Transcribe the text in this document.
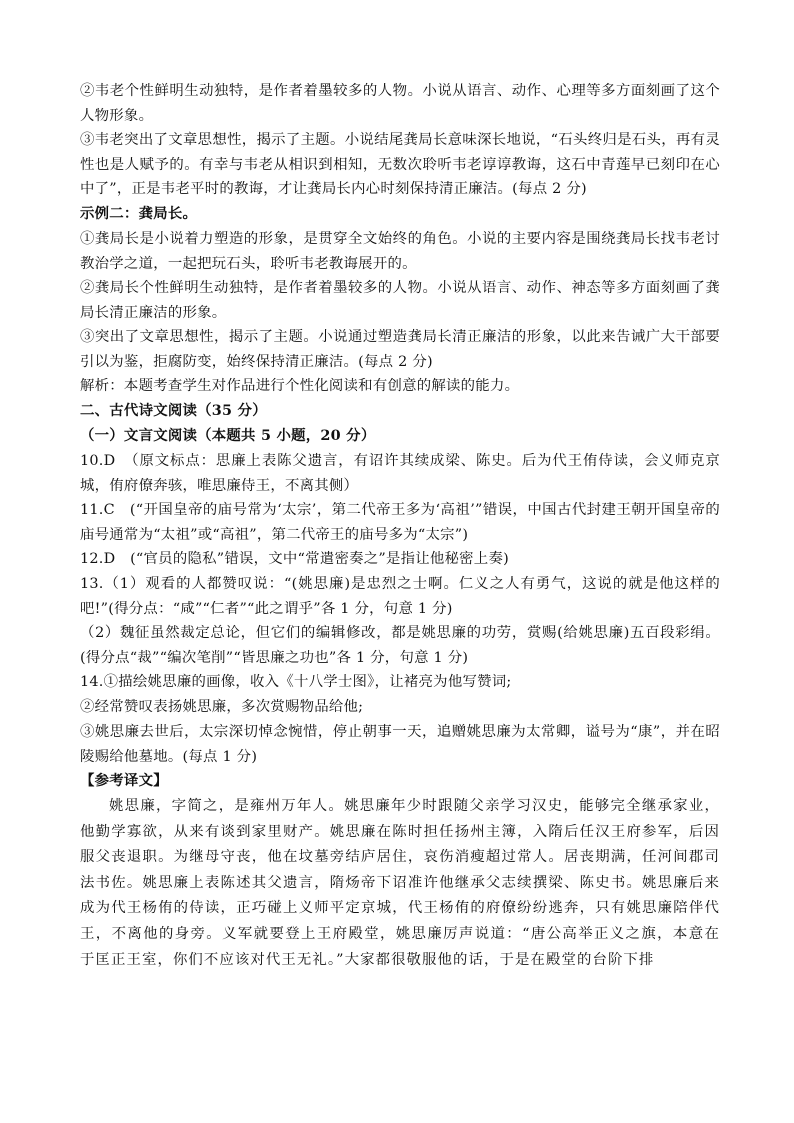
②韦老个性鲜明生动独特，是作者着墨较多的人物。小说从语言、动作、心理等多方面刻画了这个人物形象。

③韦老突出了文章思想性，揭示了主题。小说结尾龚局长意味深长地说，“石头终归是石头，再有灵性也是人赋予的。有幸与韦老从相识到相知，无数次聆听韦老谆谆教诲，这石中青莲早已刻印在心中了”，正是韦老平时的教诲，才让龚局长内心时刻保持清正廉洁。(每点 2 分)

示例二：龚局长。

①龚局长是小说着力塑造的形象，是贯穿全文始终的角色。小说的主要内容是围绕龚局长找韦老讨教治学之道，一起把玩石头，聆听韦老教诲展开的。

②龚局长个性鲜明生动独特，是作者着墨较多的人物。小说从语言、动作、神态等多方面刻画了龚局长清正廉洁的形象。

③突出了文章思想性，揭示了主题。小说通过塑造龚局长清正廉洁的形象，以此来告诫广大干部要引以为鉴，拒腐防变，始终保持清正廉洁。(每点 2 分)

解析：本题考查学生对作品进行个性化阅读和有创意的解读的能力。

二、古代诗文阅读（35 分）

（一）文言文阅读（本题共 5 小题，20 分）

10.D　（原文标点：思廉上表陈父遗言，有诏许其续成梁、陈史。后为代王侑侍读，会义师克京城，侑府僚奔骇，唯思廉侍王，不离其侧）

11.C　(“开国皇帝的庙号常为‘太宗’，第二代帝王多为‘高祖’”错误，中国古代封建王朝开国皇帝的庙号通常为“太祖”或“高祖”，第二代帝王的庙号多为“太宗”)

12.D　(“官员的隐私”错误，文中“常遣密奏之”是指让他秘密上奏)

13.（1）观看的人都赞叹说：“(姚思廉)是忠烈之士啊。仁义之人有勇气，这说的就是他这样的吧!”(得分点：“咸”“仁者”“此之谓乎”各 1 分，句意 1 分)

（2）魏征虽然裁定总论，但它们的编辑修改，都是姚思廉的功劳，赏赐(给姚思廉)五百段彩绢。(得分点“裁”“编次笔削”“皆思廉之功也”各 1 分，句意 1 分)

14.①描绘姚思廉的画像，收入《十八学士图》，让褚亮为他写赞词;

②经常赞叹表扬姚思廉，多次赏赐物品给他;

③姚思廉去世后，太宗深切悼念惋惜，停止朝事一天，追赠姚思廉为太常卿，谥号为“康”，并在昭陵赐给他墓地。(每点 1 分)

【参考译文】

姚思廉，字简之，是雍州万年人。姚思廉年少时跟随父亲学习汉史，能够完全继承家业，他勤学寡欲，从来有谈到家里财产。姚思廉在陈时担任扬州主簿，入隋后任汉王府参军，后因服父丧退职。为继母守丧，他在坟墓旁结庐居住，哀伤消瘦超过常人。居丧期满，任河间郡司法书佐。姚思廉上表陈述其父遗言，隋炀帝下诏准许他继承父志续撰梁、陈史书。姚思廉后来成为代王杨侑的侍读，正巧碰上义师平定京城，代王杨侑的府僚纷纷逃奔，只有姚思廉陪伴代王，不离他的身旁。义军就要登上王府殿堂，姚思廉厉声说道：“唐公高举正义之旗，本意在于匡正王室，你们不应该对代王无礼。”大家都很敬服他的话，于是在殿堂的台阶下排
